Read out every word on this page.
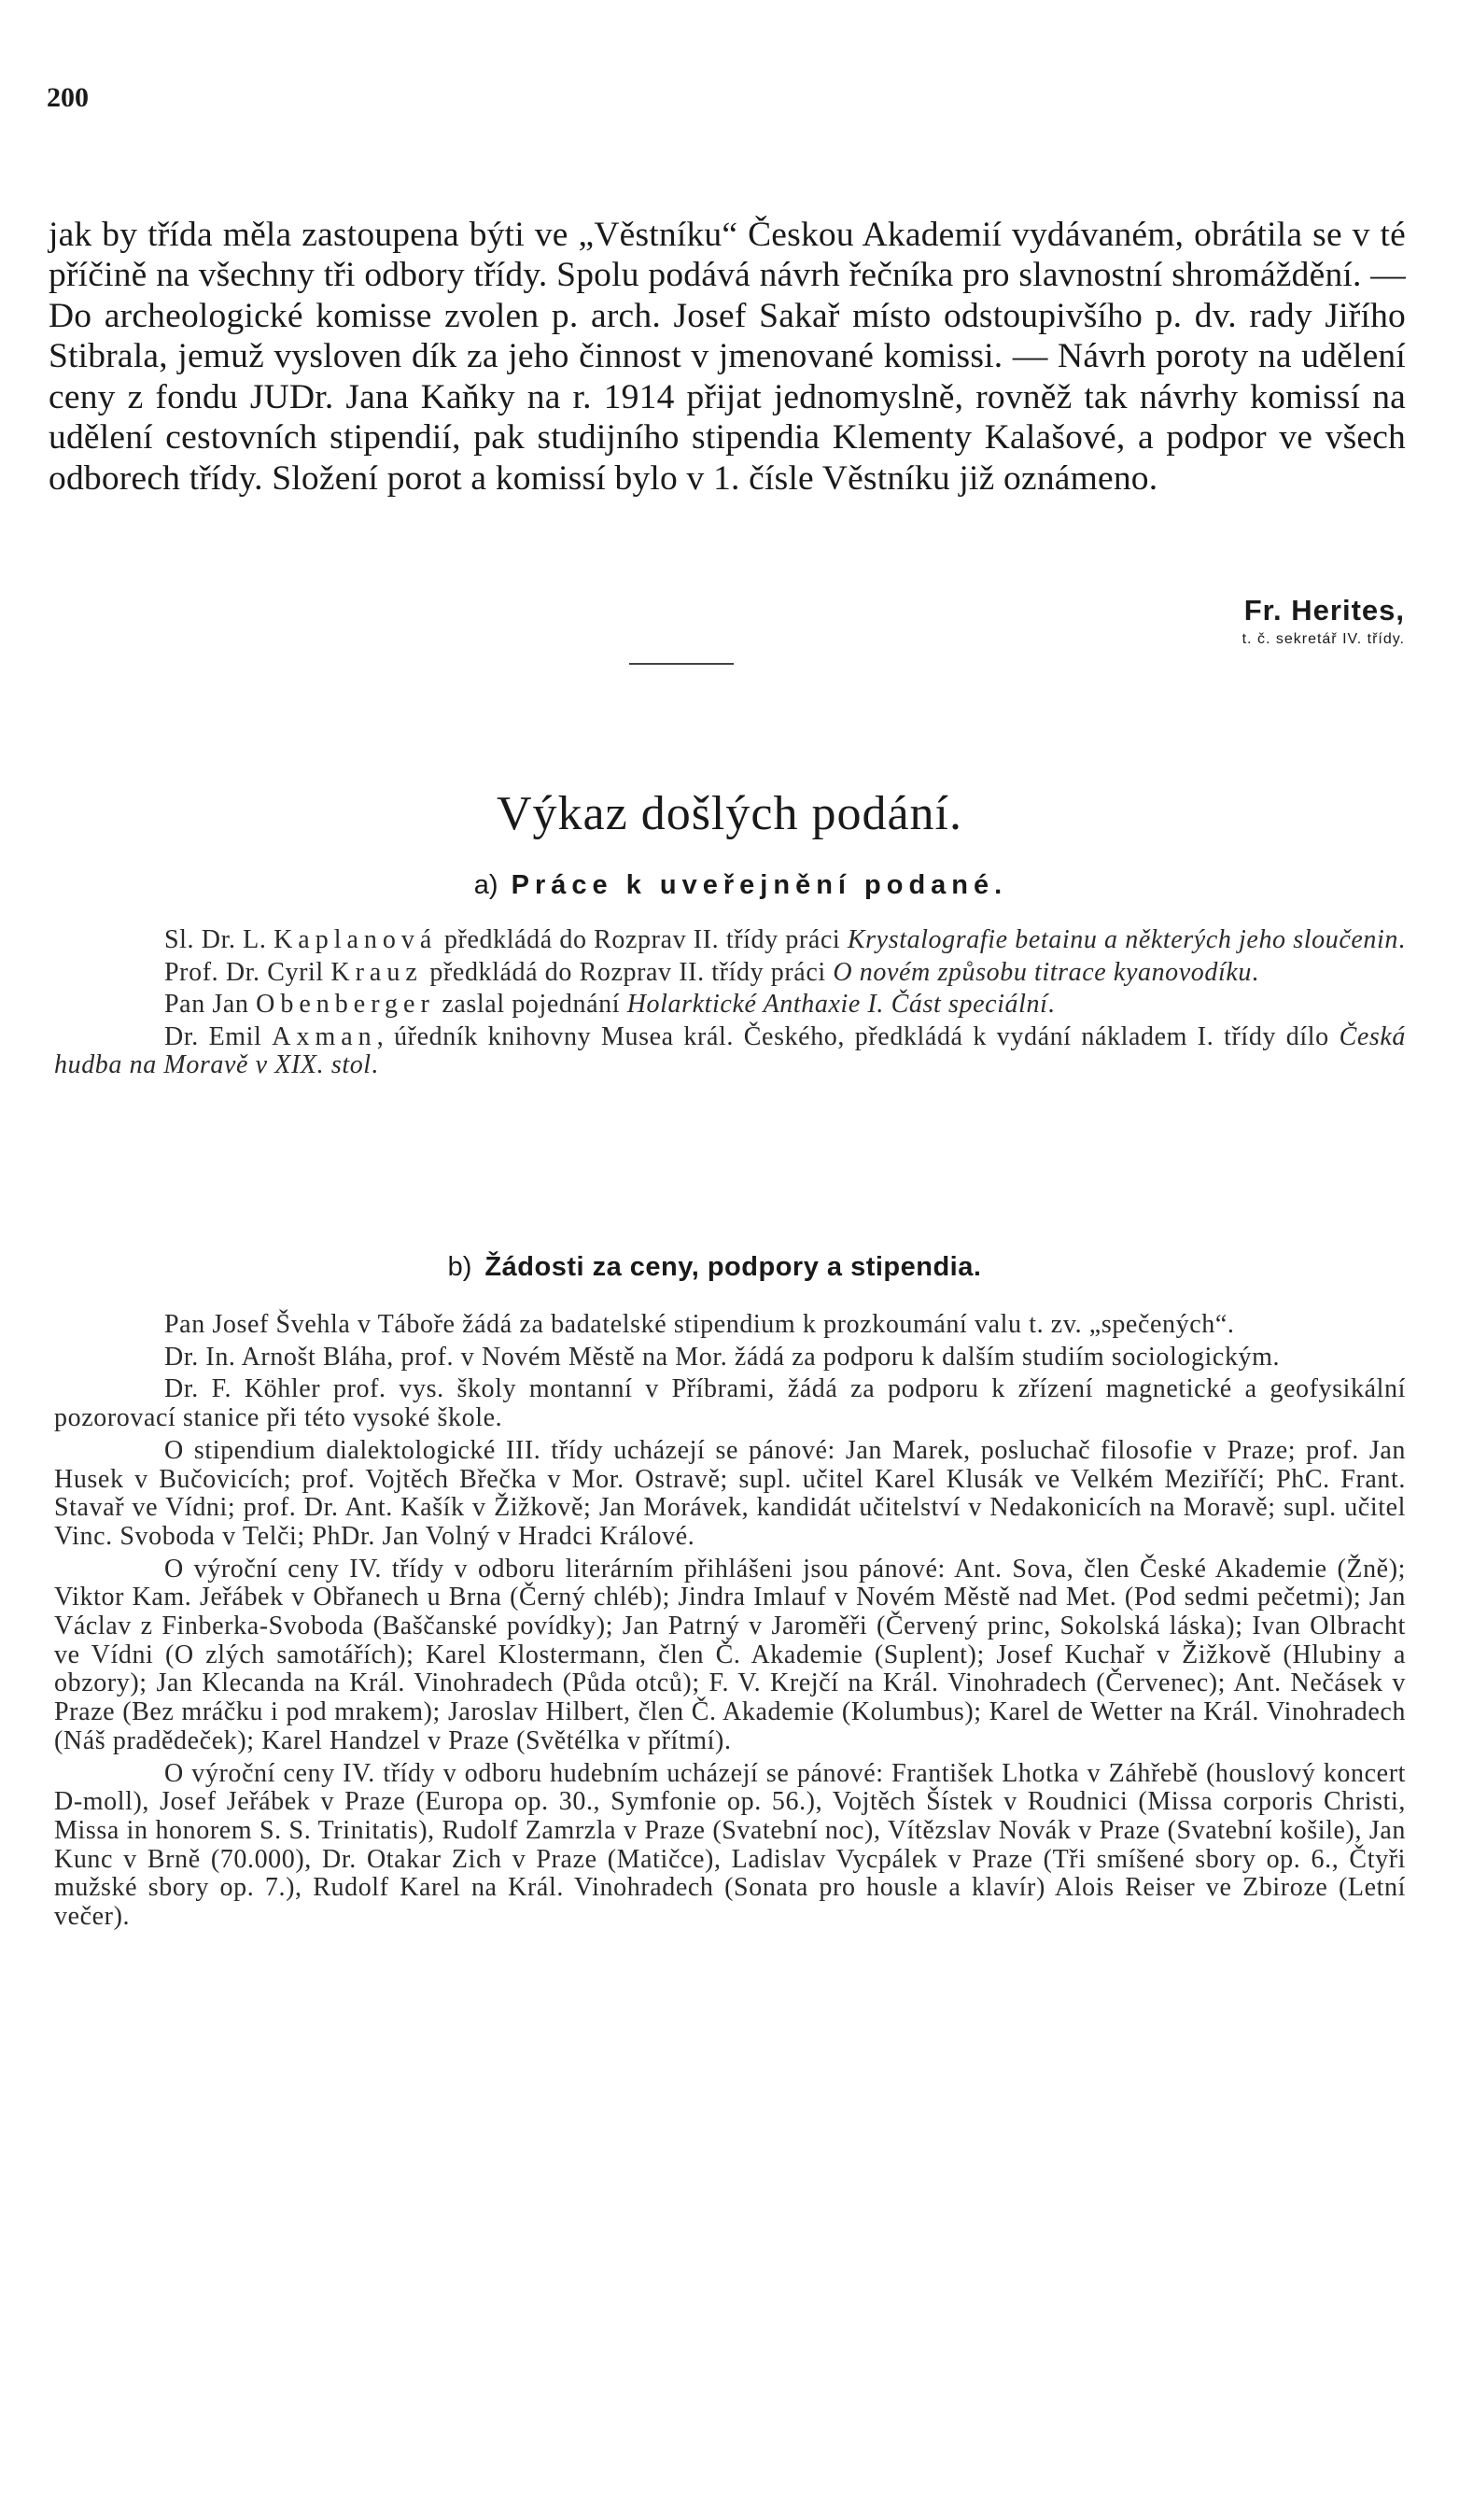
200

jak by třída měla zastoupena býti ve „Věstníku“ Českou Akademií vydávaném, obrátila se v té příčině na všechny tři odbory třídy. Spolu podává návrh řečníka pro slavnostní shromáždění. — Do archeologické komisse zvolen p. arch. Josef Sakař místo odstoupivšího p. dv. rady Jiřího Stibrala, jemuž vysloven dík za jeho činnost v jmenované komissi. — Návrh poroty na udělení ceny z fondu JUDr. Jana Kaňky na r. 1914 přijat jednomyslně, rovněž tak návrhy komissí na udělení cestovních stipendií, pak studijního stipendia Klementy Kalašové, a podpor ve všech odborech třídy. Složení porot a komissí bylo v 1. čísle Věstníku již oznámeno.

Fr. Herites,
t. č. sekretář IV. třídy.
Výkaz došlých podání.
a) Práce k uveřejnění podané.

Sl. Dr. L. Kaplanová předkládá do Rozprav II. třídy práci Krystalografie betainu a některých jeho sloučenin.

Prof. Dr. Cyril Krauz předkládá do Rozprav II. třídy práci O novém způsobu titrace kyanovodíku.

Pan Jan Obenberger zaslal pojednání Holarktické Anthaxie I. Část speciální.

Dr. Emil Axman, úředník knihovny Musea král. Českého, předkládá k vydání nákladem I. třídy dílo Česká hudba na Moravě v XIX. stol.

b) Žádosti za ceny, podpory a stipendia.

Pan Josef Švehla v Táboře žádá za badatelské stipendium k prozkoumání valu t. zv. „spečených“.

Dr. In. Arnošt Bláha, prof. v Novém Městě na Mor. žádá za podporu k dalším studiím sociologickým.

Dr. F. Köhler prof. vys. školy montanní v Příbrami, žádá za podporu k zřízení magnetické a geofysikální pozorovací stanice při této vysoké škole.

O stipendium dialektologické III. třídy ucházejí se pánové: Jan Marek, posluchač filosofie v Praze; prof. Jan Husek v Bučovicích; prof. Vojtěch Břečka v Mor. Ostravě; supl. učitel Karel Klusák ve Velkém Meziříčí; PhC. Frant. Stavař ve Vídni; prof. Dr. Ant. Kašík v Žižkově; Jan Morávek, kandidát učitelství v Nedakonicích na Moravě; supl. učitel Vinc. Svoboda v Telči; PhDr. Jan Volný v Hradci Králové.

O výroční ceny IV. třídy v odboru literárním přihlášeni jsou pánové: Ant. Sova, člen České Akademie (Žně); Viktor Kam. Jeřábek v Obřanech u Brna (Černý chléb); Jindra Imlauf v Novém Městě nad Met. (Pod sedmi pečetmi); Jan Václav z Finberka-Svoboda (Baščanské povídky); Jan Patrný v Jaroměři (Červený princ, Sokolská láska); Ivan Olbracht ve Vídni (O zlých samotářích); Karel Klostermann, člen Č. Akademie (Suplent); Josef Kuchař v Žižkově (Hlubiny a obzory); Jan Klecanda na Král. Vinohradech (Půda otců); F. V. Krejčí na Král. Vinohradech (Červenec); Ant. Nečásek v Praze (Bez mráčku i pod mrakem); Jaroslav Hilbert, člen Č. Akademie (Kolumbus); Karel de Wetter na Král. Vinohradech (Náš pradědeček); Karel Handzel v Praze (Světélka v přítmí).

O výroční ceny IV. třídy v odboru hudebním ucházejí se pánové: František Lhotka v Záhřebě (houslový koncert D-moll), Josef Jeřábek v Praze (Europa op. 30., Symfonie op. 56.), Vojtěch Šístek v Roudnici (Missa corporis Christi, Missa in honorem S. S. Trinitatis), Rudolf Zamrzla v Praze (Svatební noc), Vítězslav Novák v Praze (Svatební košile), Jan Kunc v Brně (70.000), Dr. Otakar Zich v Praze (Matičce), Ladislav Vycpálek v Praze (Tři smíšené sbory op. 6., Čtyři mužské sbory op. 7.), Rudolf Karel na Král. Vinohradech (Sonata pro housle a klavír) Alois Reiser ve Zbiroze (Letní večer).
